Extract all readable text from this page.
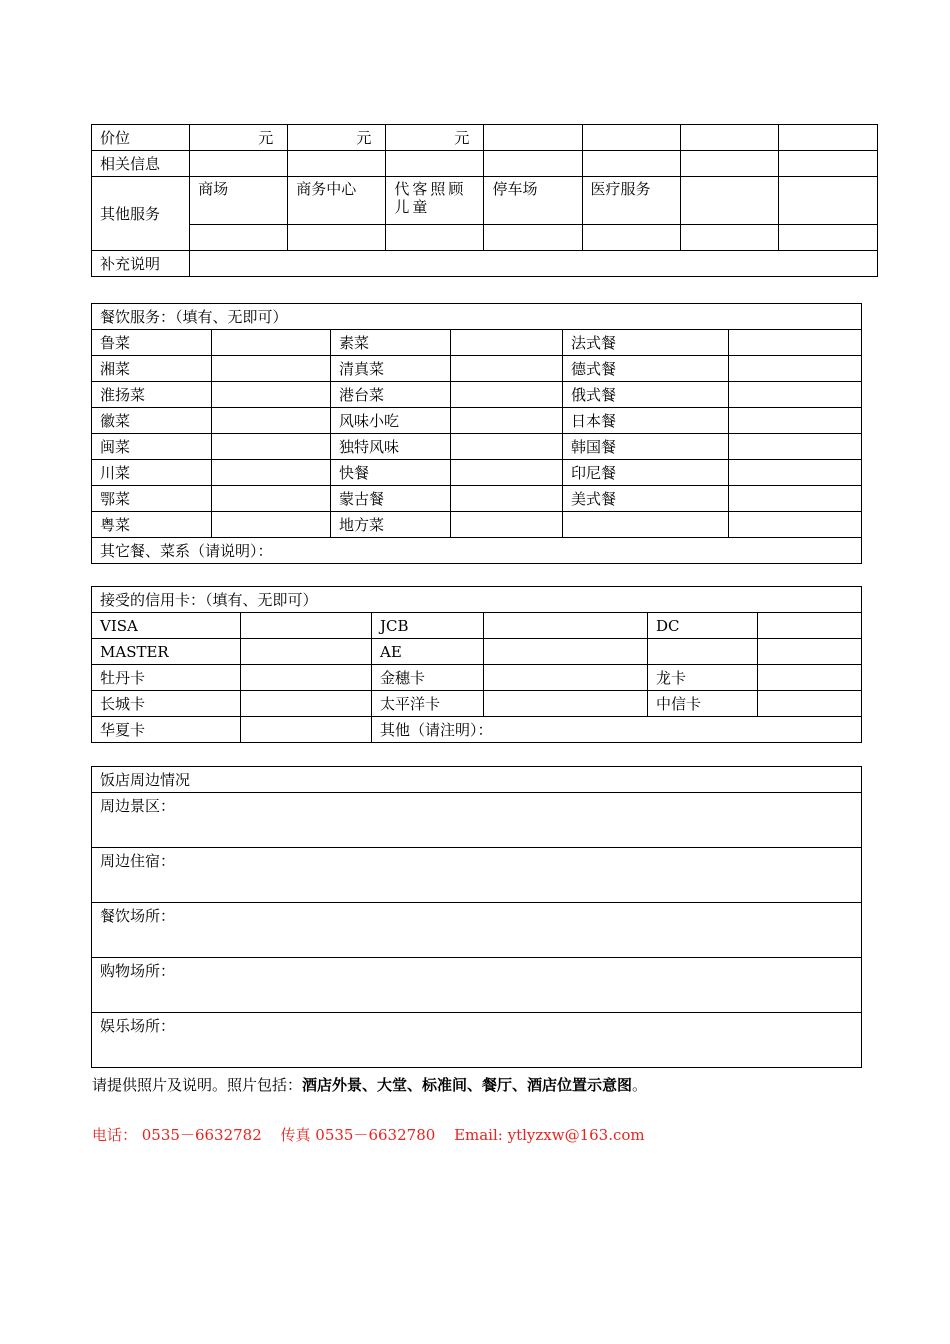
价位	元	元	元				
相关信息							
其他服务	商场	商务中心	代客照顾儿童	停车场	医疗服务		

补充说明							
餐饮服务：（填有、无即可）					
鲁菜		素菜		法式餐	
湘菜		清真菜		德式餐	
淮扬菜		港台菜		俄式餐	
徽菜		风味小吃		日本餐	
闽菜		独特风味		韩国餐	
川菜		快餐		印尼餐	
鄂菜		蒙古餐		美式餐	
粤菜		地方菜			
其它餐、菜系（请说明）：					
接受的信用卡：（填有、无即可）					
VISA		JCB		DC	
MASTER		AE			
牡丹卡		金穗卡		龙卡	
长城卡		太平洋卡		中信卡	
华夏卡		其他（请注明）：			
饭店周边情况
周边景区：
周边住宿：
餐饮场所：
购物场所：
娱乐场所：
请提供照片及说明。照片包括：酒店外景、大堂、标准间、餐厅、酒店位置示意图。
电话： 0535－6632782 传真 0535－6632780 Email: ytlyzxw@163.com
